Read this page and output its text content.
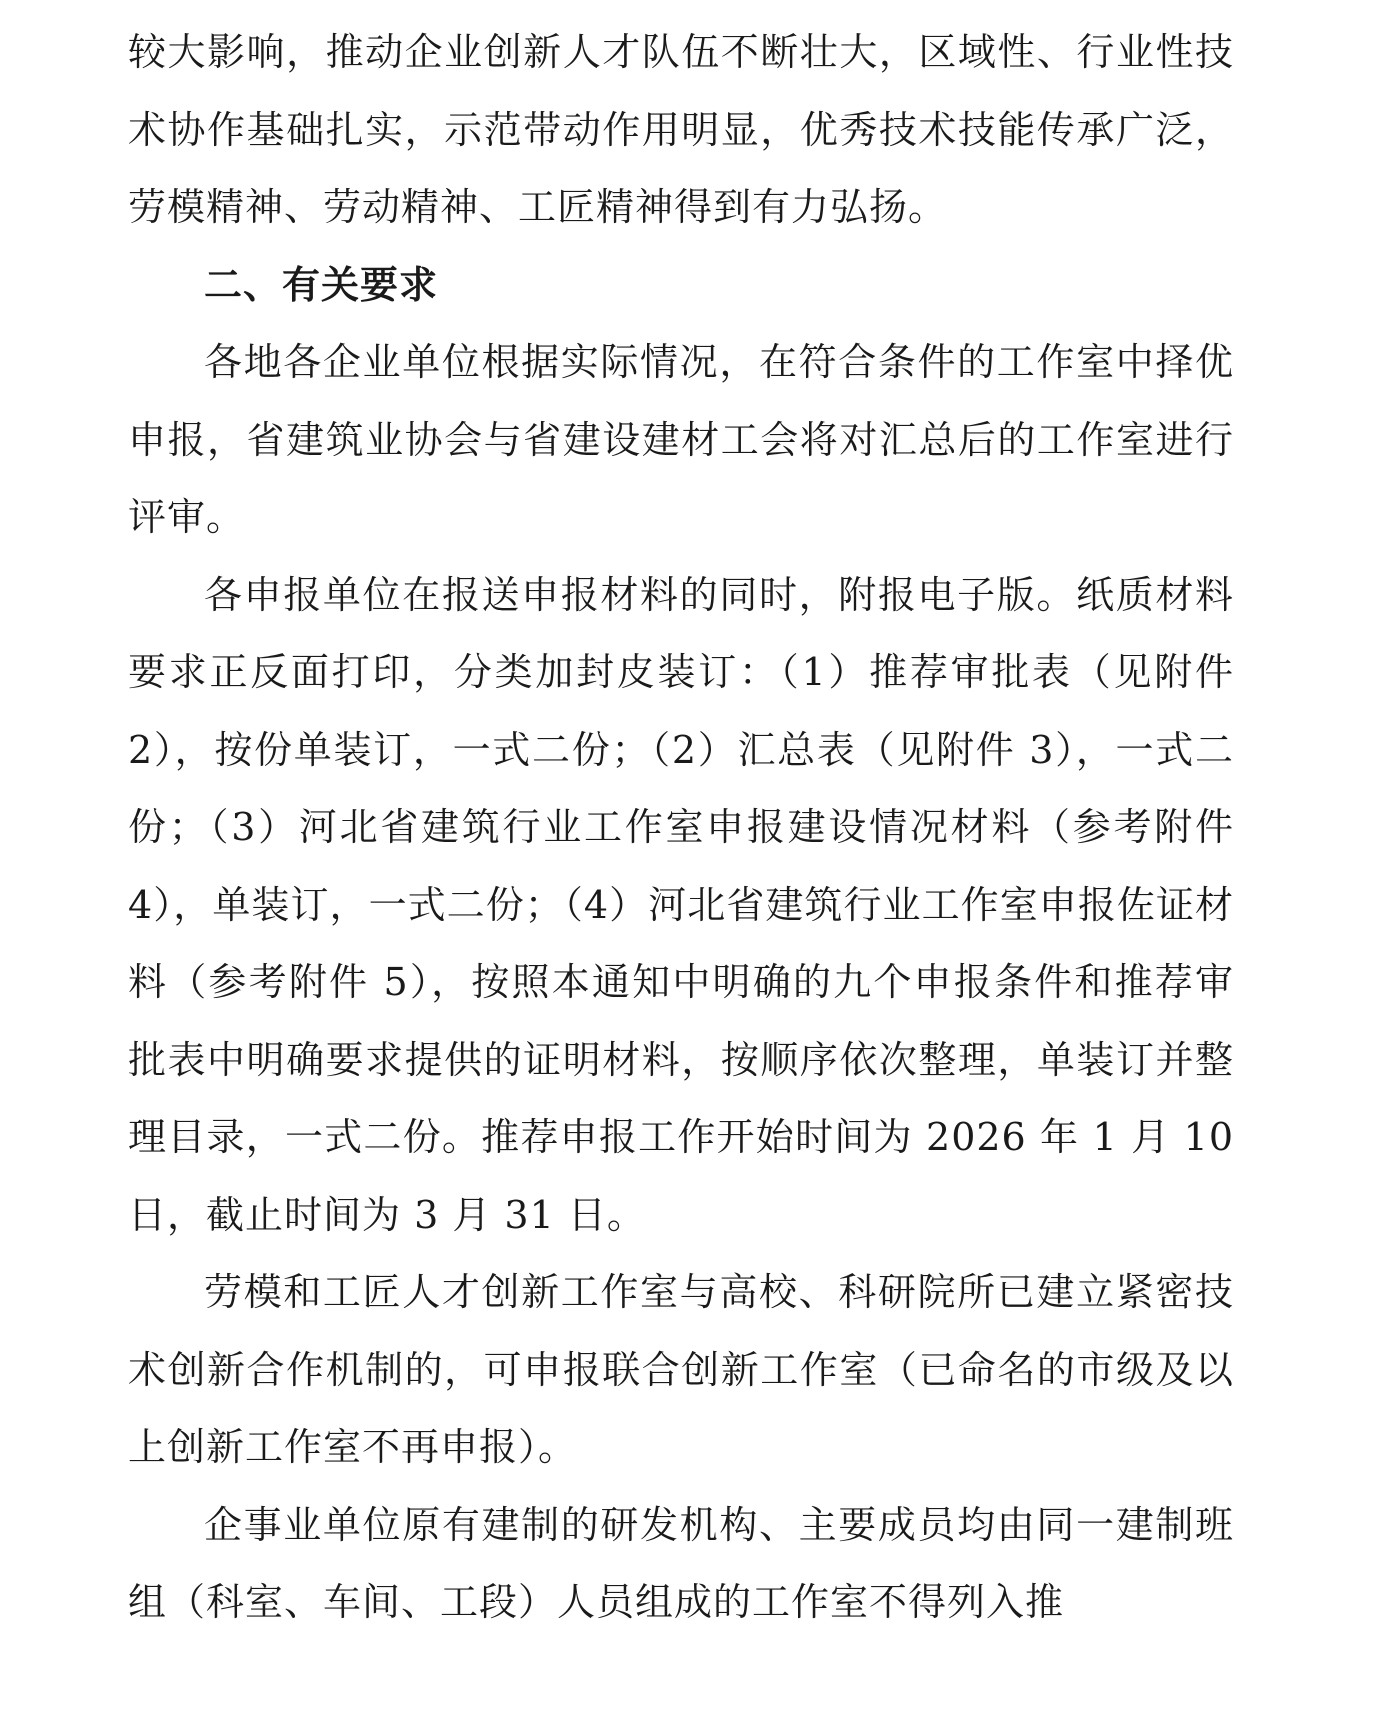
较大影响，推动企业创新人才队伍不断壮大，区域性、行业性技术协作基础扎实，示范带动作用明显，优秀技术技能传承广泛，劳模精神、劳动精神、工匠精神得到有力弘扬。

二、有关要求

各地各企业单位根据实际情况，在符合条件的工作室中择优申报，省建筑业协会与省建设建材工会将对汇总后的工作室进行评审。

各申报单位在报送申报材料的同时，附报电子版。纸质材料要求正反面打印，分类加封皮装订：（1）推荐审批表（见附件 2），按份单装订，一式二份；（2）汇总表（见附件 3），一式二份；（3）河北省建筑行业工作室申报建设情况材料（参考附件 4），单装订，一式二份；（4）河北省建筑行业工作室申报佐证材料（参考附件 5），按照本通知中明确的九个申报条件和推荐审批表中明确要求提供的证明材料，按顺序依次整理，单装订并整理目录，一式二份。推荐申报工作开始时间为 2026 年 1 月 10 日，截止时间为 3 月 31 日。

劳模和工匠人才创新工作室与高校、科研院所已建立紧密技术创新合作机制的，可申报联合创新工作室（已命名的市级及以上创新工作室不再申报）。

企事业单位原有建制的研发机构、主要成员均由同一建制班组（科室、车间、工段）人员组成的工作室不得列入推
